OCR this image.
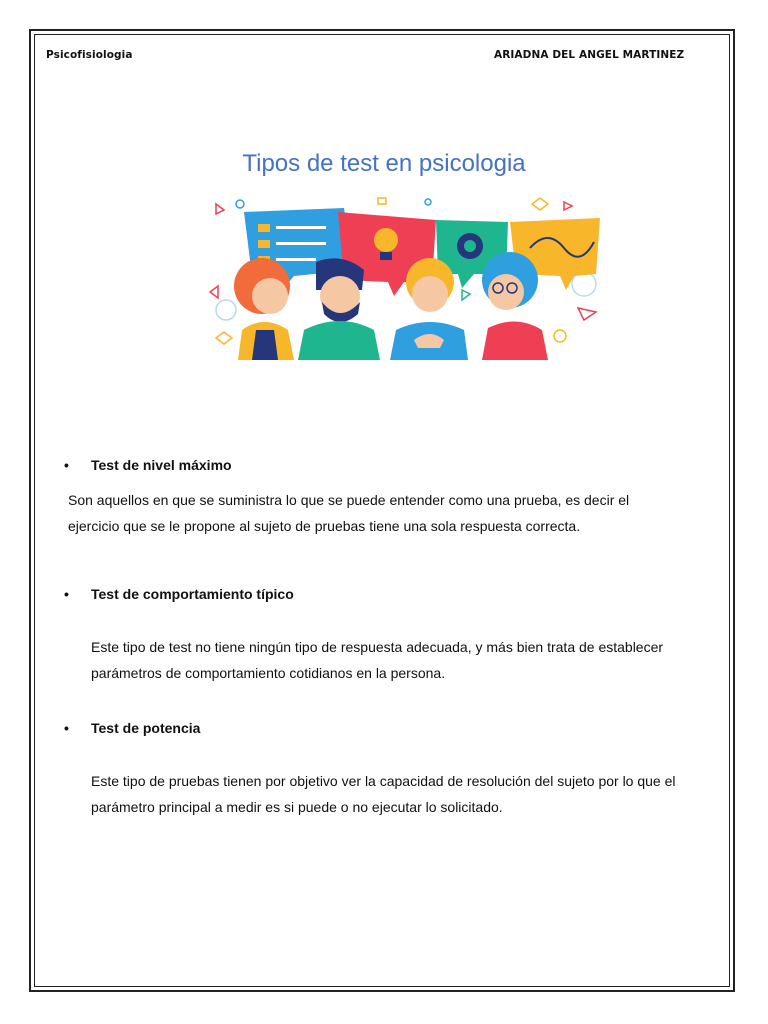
Psicofisiologia	ARIADNA DEL ANGEL MARTINEZ
Tipos de test en psicologia
• Test de nivel máximo
Son aquellos en que se suministra lo que se puede entender como una prueba, es decir el
ejercicio que se le propone al sujeto de pruebas tiene una sola respuesta correcta.
• Test de comportamiento típico
Este tipo de test no tiene ningún tipo de respuesta adecuada, y más bien trata de establecer
parámetros de comportamiento cotidianos en la persona.
• Test de potencia
Este tipo de pruebas tienen por objetivo ver la capacidad de resolución del sujeto por lo que el
parámetro principal a medir es si puede o no ejecutar lo solicitado.
